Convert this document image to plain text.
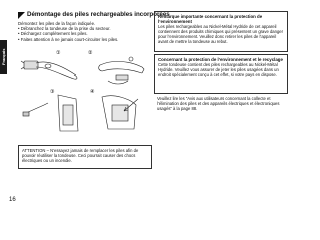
Français
Démontage des piles rechargeables incorporées
Démontez les piles de la façon indiquée.
• Débranchez la tondeuse de la prise du secteur.
• Déchargez complètement les piles.
• Faites attention à ne jamais court-circuiter les piles.
①	②
③	④
ATTENTION – N’essayez jamais de remplacer les piles afin de pouvoir réutiliser la tondeuse. Ceci pourrait causer des chocs électriques ou un incendie.

Remarque importante concernant la protection de l’environnement

Les piles rechargeables au Nickel-Métal Hydride de cet appareil contiennent des produits chimiques qui présentent un grave danger pour l’environnement. Veuillez donc retirer les piles de l’appareil avant de mettre la tondeuse au rebut.

Concernant la protection de l’environnement et le recyclage

Cette tondeuse contient des piles rechargeables au Nickel-Métal Hydride. Veuillez vous assurer de jeter les piles usagées dans un endroit spécialement conçu à cet effet, si votre pays en dispose.

Veuillez lire les “Avis aux utilisateurs concernant la collecte et l’élimination des piles et des appareils électriques et électroniques usagés” à la page 88.
16
